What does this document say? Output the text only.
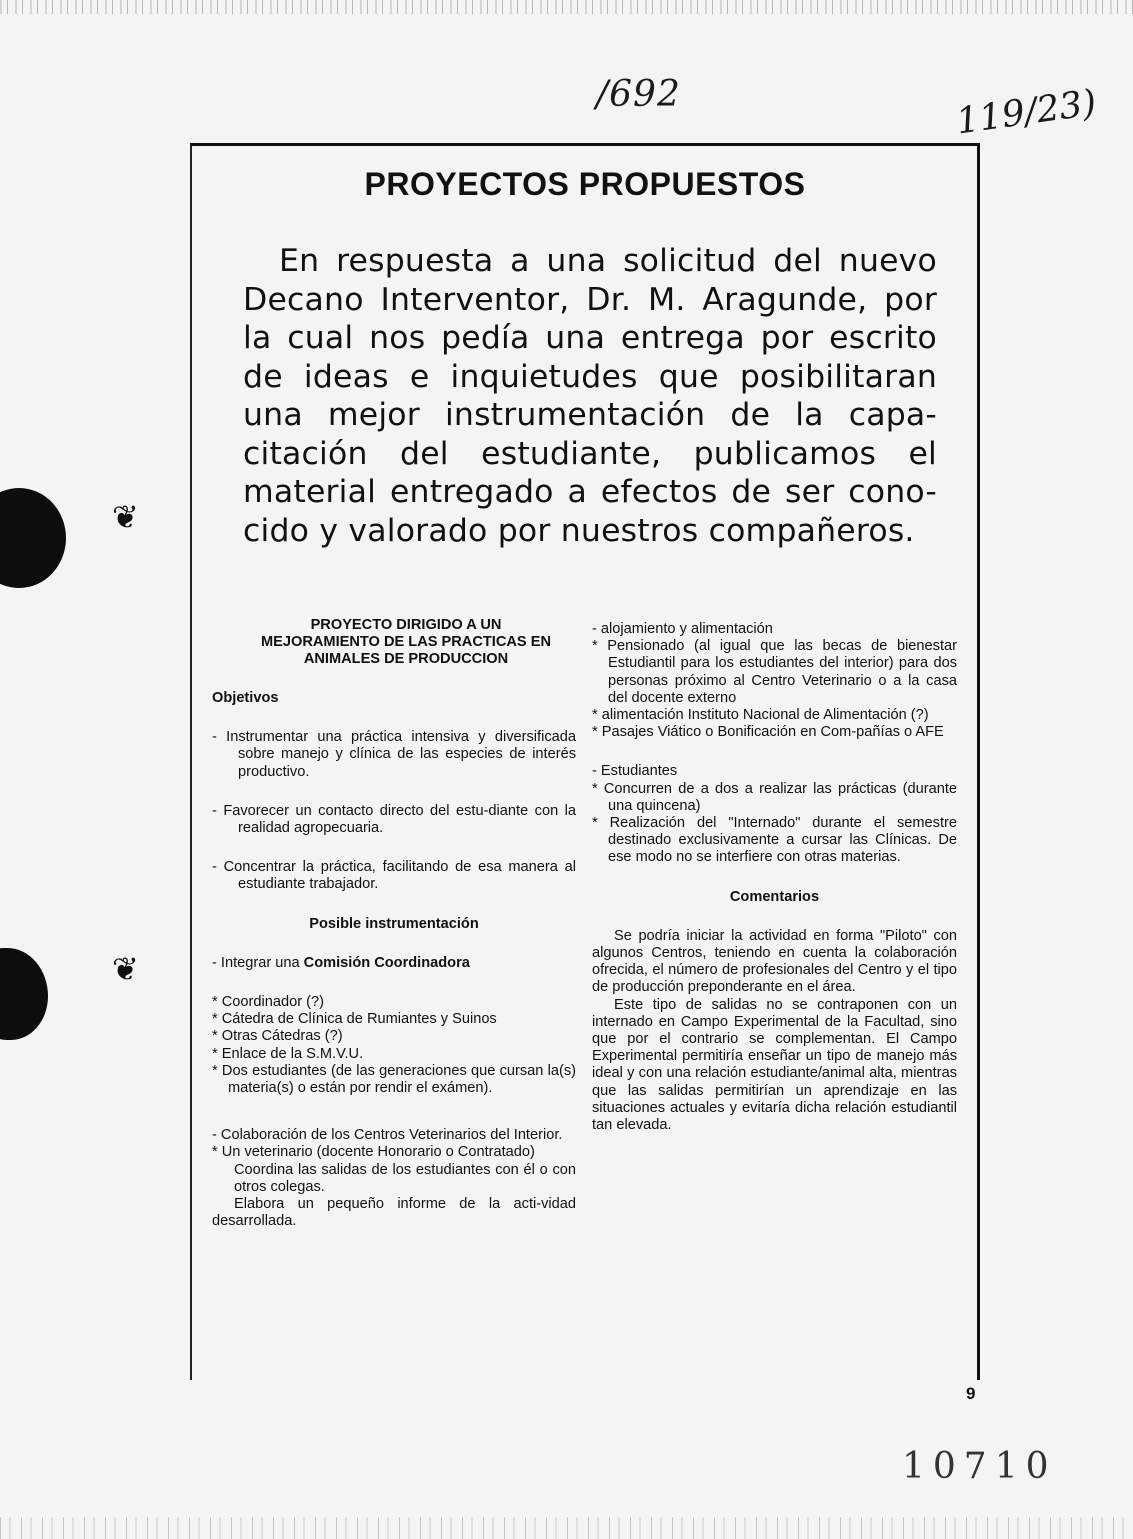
/692	119/23)
10710
❦
❦
PROYECTOS PROPUESTOS
En respuesta a una solicitud del nuevo Decano Interventor, Dr. M. Aragunde, por la cual nos pedía una entrega por escrito de ideas e inquietudes que posibilitaran una mejor instrumentación de la capa-citación del estudiante, publicamos el material entregado a efectos de ser cono-cido y valorado por nuestros compañeros.
PROYECTO DIRIGIDO A UN MEJORAMIENTO DE LAS PRACTICAS EN ANIMALES DE PRODUCCION
Objetivos
- Instrumentar una práctica intensiva y diversificada sobre manejo y clínica de las especies de interés productivo.
- Favorecer un contacto directo del estu-diante con la realidad agropecuaria.
- Concentrar la práctica, facilitando de esa manera al estudiante trabajador.
Posible instrumentación
- Integrar una Comisión Coordinadora
* Coordinador (?)
* Cátedra de Clínica de Rumiantes y Suinos
* Otras Cátedras (?)
* Enlace de la S.M.V.U.
* Dos estudiantes (de las generaciones que cursan la(s) materia(s) o están por rendir el exámen).
- Colaboración de los Centros Veterinarios del Interior.
* Un veterinario (docente Honorario o Contratado)
Coordina las salidas de los estudiantes con él o con otros colegas.
Elabora un pequeño informe de la acti-vidad desarrollada.
- alojamiento y alimentación
* Pensionado (al igual que las becas de bienestar Estudiantil para los estudiantes del interior) para dos personas próximo al Centro Veterinario o a la casa del docente externo
* alimentación Instituto Nacional de Alimentación (?)
* Pasajes Viático o Bonificación en Com-pañías o AFE
- Estudiantes
* Concurren de a dos a realizar las prácticas (durante una quincena)
* Realización del "Internado" durante el semestre destinado exclusivamente a cursar las Clínicas. De ese modo no se interfiere con otras materias.
Comentarios
Se podría iniciar la actividad en forma "Piloto" con algunos Centros, teniendo en cuenta la colaboración ofrecida, el número de profesionales del Centro y el tipo de producción preponderante en el área.
Este tipo de salidas no se contraponen con un internado en Campo Experimental de la Facultad, sino que por el contrario se complementan. El Campo Experimental permitiría enseñar un tipo de manejo más ideal y con una relación estudiante/animal alta, mientras que las salidas permitirían un aprendizaje en las situaciones actuales y evitaría dicha relación estudiantil tan elevada.
9
